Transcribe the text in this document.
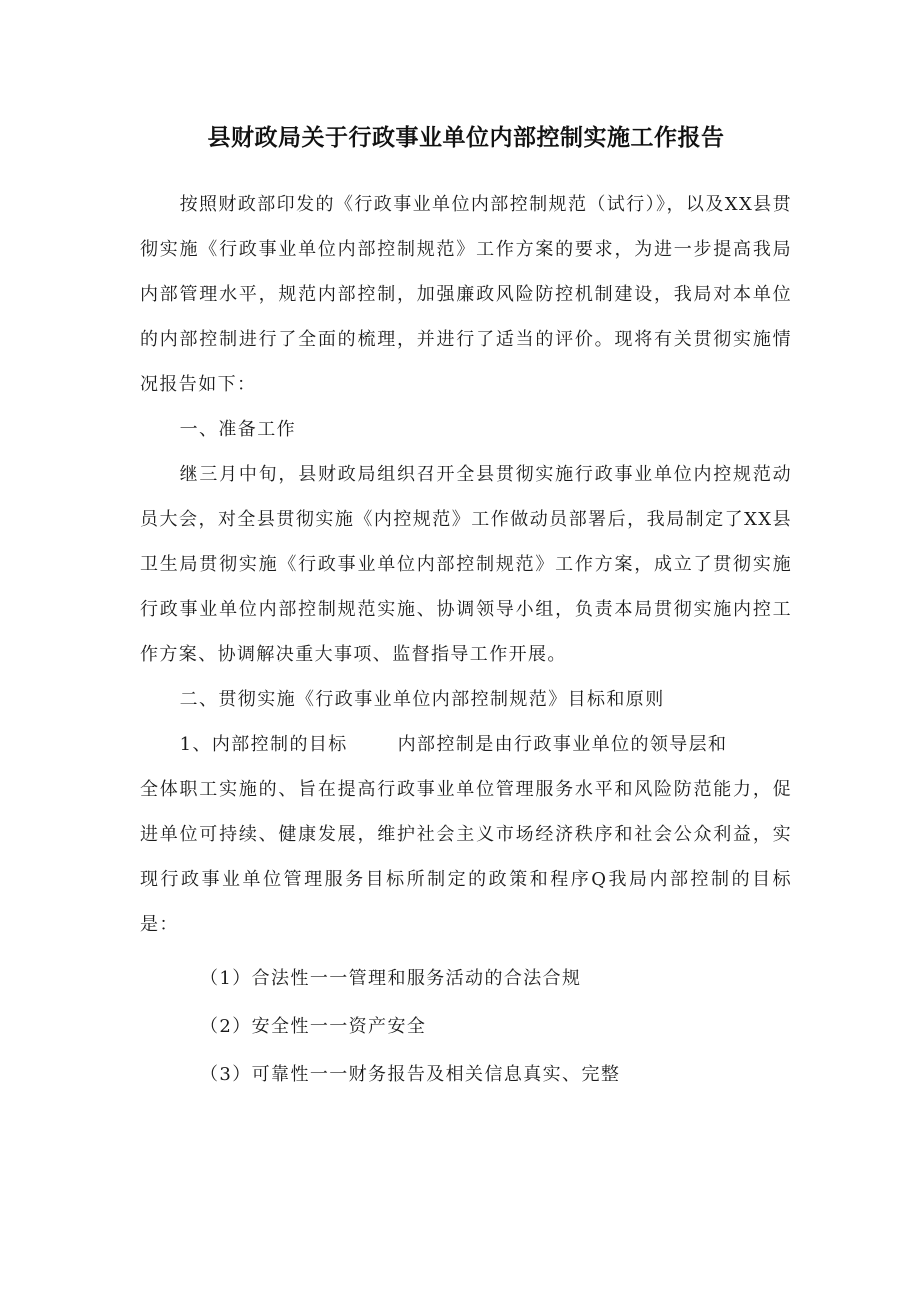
县财政局关于行政事业单位内部控制实施工作报告

按照财政部印发的《行政事业单位内部控制规范（试行）》，以及XX县贯彻实施《行政事业单位内部控制规范》工作方案的要求，为进一步提高我局内部管理水平，规范内部控制，加强廉政风险防控机制建设，我局对本单位的内部控制进行了全面的梳理，并进行了适当的评价。现将有关贯彻实施情况报告如下：

一、准备工作

继三月中旬，县财政局组织召开全县贯彻实施行政事业单位内控规范动员大会，对全县贯彻实施《内控规范》工作做动员部署后，我局制定了XX县卫生局贯彻实施《行政事业单位内部控制规范》工作方案，成立了贯彻实施行政事业单位内部控制规范实施、协调领导小组，负责本局贯彻实施内控工作方案、协调解决重大事项、监督指导工作开展。

二、贯彻实施《行政事业单位内部控制规范》目标和原则

1、内部控制的目标	内部控制是由行政事业单位的领导层和

全体职工实施的、旨在提高行政事业单位管理服务水平和风险防范能力，促进单位可持续、健康发展，维护社会主义市场经济秩序和社会公众利益，实现行政事业单位管理服务目标所制定的政策和程序Q我局内部控制的目标是：

（1）合法性一一管理和服务活动的合法合规

（2）安全性一一资产安全

（3）可靠性一一财务报告及相关信息真实、完整
